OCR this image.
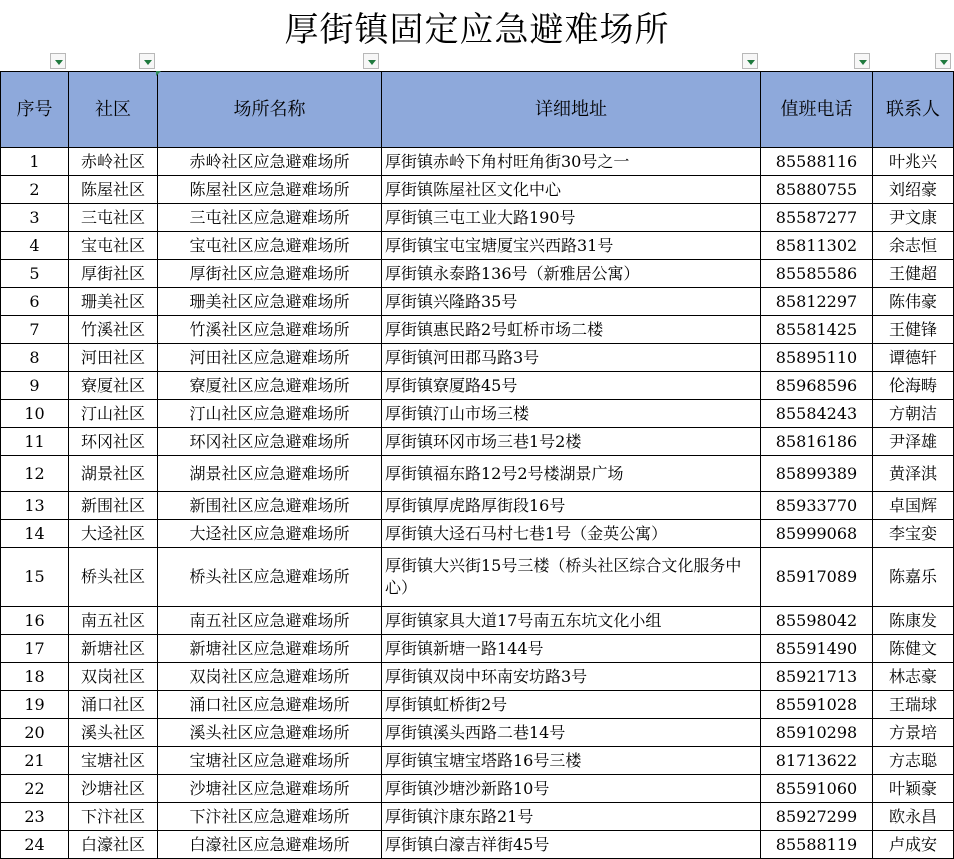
厚街镇固定应急避难场所
序号	社区	场所名称	详细地址	值班电话	联系人
1	赤岭社区	赤岭社区应急避难场所	厚街镇赤岭下角村旺角街30号之一	85588116	叶兆兴
2	陈屋社区	陈屋社区应急避难场所	厚街镇陈屋社区文化中心	85880755	刘绍豪
3	三屯社区	三屯社区应急避难场所	厚街镇三屯工业大路190号	85587277	尹文康
4	宝屯社区	宝屯社区应急避难场所	厚街镇宝屯宝塘厦宝兴西路31号	85811302	余志恒
5	厚街社区	厚街社区应急避难场所	厚街镇永泰路136号（新雅居公寓）	85585586	王健超
6	珊美社区	珊美社区应急避难场所	厚街镇兴隆路35号	85812297	陈伟豪
7	竹溪社区	竹溪社区应急避难场所	厚街镇惠民路2号虹桥市场二楼	85581425	王健锋
8	河田社区	河田社区应急避难场所	厚街镇河田郡马路3号	85895110	谭德轩
9	寮厦社区	寮厦社区应急避难场所	厚街镇寮厦路45号	85968596	伦海畴
10	汀山社区	汀山社区应急避难场所	厚街镇汀山市场三楼	85584243	方朝洁
11	环冈社区	环冈社区应急避难场所	厚街镇环冈市场三巷1号2楼	85816186	尹泽雄
12	湖景社区	湖景社区应急避难场所	厚街镇福东路12号2号楼湖景广场	85899389	黄泽淇
13	新围社区	新围社区应急避难场所	厚街镇厚虎路厚街段16号	85933770	卓国辉
14	大迳社区	大迳社区应急避难场所	厚街镇大迳石马村七巷1号（金英公寓）	85999068	李宝娈
15	桥头社区	桥头社区应急避难场所	厚街镇大兴街15号三楼（桥头社区综合文化服务中心）	85917089	陈嘉乐
16	南五社区	南五社区应急避难场所	厚街镇家具大道17号南五东坑文化小组	85598042	陈康发
17	新塘社区	新塘社区应急避难场所	厚街镇新塘一路144号	85591490	陈健文
18	双岗社区	双岗社区应急避难场所	厚街镇双岗中环南安坊路3号	85921713	林志豪
19	涌口社区	涌口社区应急避难场所	厚街镇虹桥街2号	85591028	王瑞球
20	溪头社区	溪头社区应急避难场所	厚街镇溪头西路二巷14号	85910298	方景培
21	宝塘社区	宝塘社区应急避难场所	厚街镇宝塘宝塔路16号三楼	81713622	方志聪
22	沙塘社区	沙塘社区应急避难场所	厚街镇沙塘沙新路10号	85591060	叶颖豪
23	下汴社区	下汴社区应急避难场所	厚街镇汴康东路21号	85927299	欧永昌
24	白濠社区	白濠社区应急避难场所	厚街镇白濠吉祥街45号	85588119	卢成安
